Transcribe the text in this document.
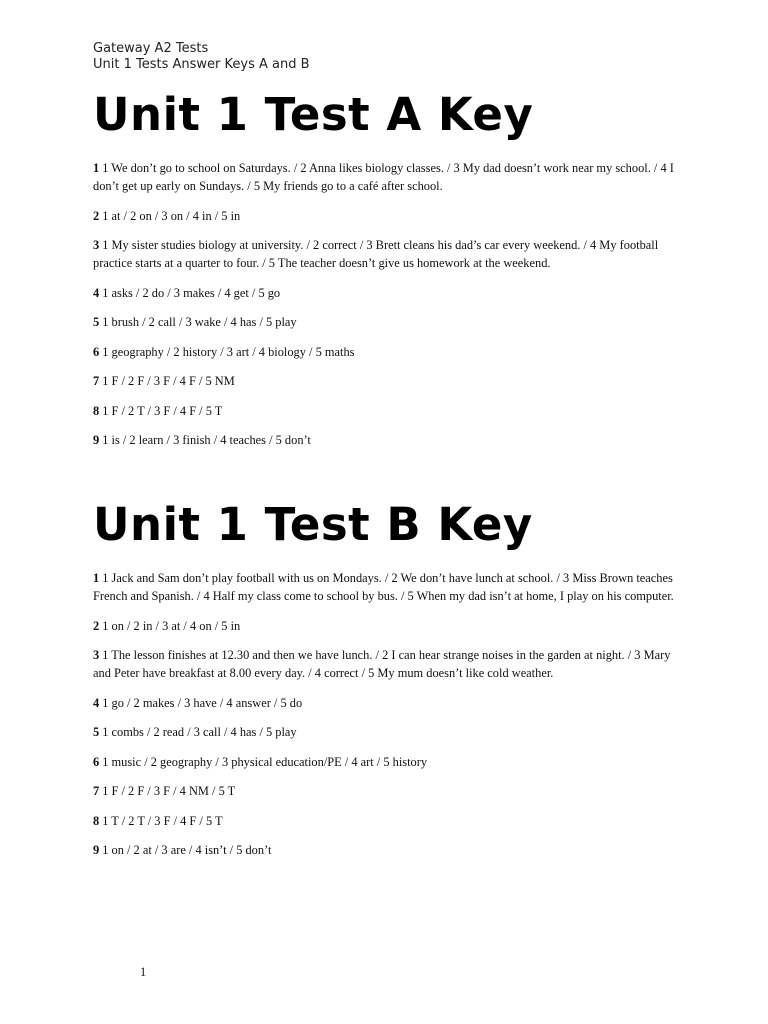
Gateway A2 Tests
Unit 1 Tests Answer Keys A and B
Unit 1 Test A Key

1 1 We don’t go to school on Saturdays. / 2 Anna likes biology classes. / 3 My dad doesn’t work near my school. / 4 I don’t get up early on Sundays. / 5 My friends go to a café after school.

2 1 at / 2 on / 3 on / 4 in / 5 in

3 1 My sister studies biology at university. / 2 correct / 3 Brett cleans his dad’s car every weekend. / 4 My football practice starts at a quarter to four. / 5 The teacher doesn’t give us homework at the weekend.

4 1 asks / 2 do / 3 makes / 4 get / 5 go

5 1 brush / 2 call / 3 wake / 4 has / 5 play

6 1 geography / 2 history / 3 art / 4 biology / 5 maths

7 1 F / 2 F / 3 F / 4 F / 5 NM

8 1 F / 2 T / 3 F / 4 F / 5 T

9 1 is / 2 learn / 3 finish / 4 teaches / 5 don’t

Unit 1 Test B Key

1 1 Jack and Sam don’t play football with us on Mondays. / 2 We don’t have lunch at school. / 3 Miss Brown teaches French and Spanish. / 4 Half my class come to school by bus. / 5 When my dad isn’t at home, I play on his computer.

2 1 on / 2 in / 3 at / 4 on / 5 in

3 1 The lesson finishes at 12.30 and then we have lunch. / 2 I can hear strange noises in the garden at night. / 3 Mary and Peter have breakfast at 8.00 every day. / 4 correct / 5 My mum doesn’t like cold weather.

4 1 go / 2 makes / 3 have / 4 answer / 5 do

5 1 combs / 2 read / 3 call / 4 has / 5 play

6 1 music / 2 geography / 3 physical education/PE / 4 art / 5 history

7 1 F / 2 F / 3 F / 4 NM / 5 T

8 1 T / 2 T / 3 F / 4 F / 5 T

9 1 on / 2 at / 3 are / 4 isn’t / 5 don’t

1
